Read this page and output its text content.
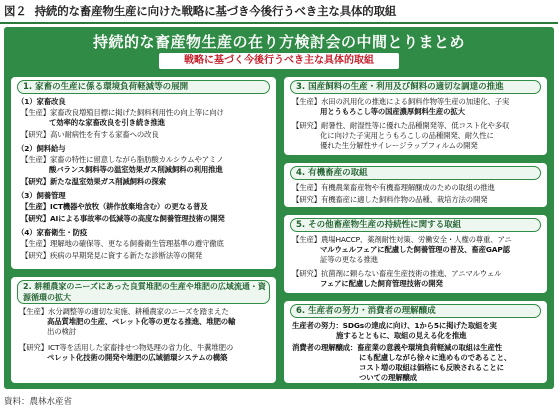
図２ 持続的な畜産物生産に向けた戦略に基づき今後行うべき主な具体的取組
持続的な畜産物生産の在り方検討会の中間とりまとめ
戦略に基づく今後行うべき主な具体的取組
1. 家畜の生産に係る環境負荷軽減等の展開
（1）家畜改良
【生産】家畜改良増殖目標に掲げた飼料利用性の向上等に向け
て効率的な家畜改良を引き続き推進
【研究】高い耐病性を有する家畜への改良
（2）飼料給与
【生産】家畜の特性に留意しながら脂肪酸カルシウムやアミノ
酸バランス飼料等の温室効果ガス削減飼料の利用推進
【研究】新たな温室効果ガス削減飼料の探索
（3）飼養管理
【生産】ICT機器や放牧（耕作放棄地含む）の更なる普及
【研究】AIによる事故率の低減等の高度な飼養管理技術の開発
（4）家畜衛生・防疫
【生産】理解地の確保等、更なる飼養衛生管理基準の遵守徹底
【研究】疾病の早期発見に資する新たな診断法等の開発
2. 耕種農家のニーズにあった良質堆肥の生産や堆肥の広域流通・資源循環の拡大
【生産】水分調整等の適切な実施、耕種農家のニーズを踏まえた
高品質堆肥の生産、ペレット化等の更なる推進、堆肥の輸
出の検討
【研究】ICT等を活用した家畜排せつ物処理の省力化、牛糞堆肥の
ペレット化技術の開発や堆肥の広域循環システムの構築
3. 国産飼料の生産・利用及び飼料の適切な調達の推進
【生産】水田の汎用化の推進による飼料作物等生産の加速化、子実
用とうもろこし等の国産濃厚飼料生産の拡大
【研究】耐暑性、耐湿性等に優れた品種開発等、低コスト化や多収
化に向けた子実用とうもろこしの品種開発、耐久性に
優れた生分解性サイレージラップフィルムの開発
4. 有機畜産の取組
【生産】有機農業畜産物や有機畜理解醸成のための取組の推進
【研究】有機畜産に適した飼料作物の品種、栽培方法の開発
5. その他畜産物生産の持続性に関する取組
【生産】農場HACCP、薬剤耐性対策、労働安全・人権の尊重、アニ
マルウェルフェアに配慮した飼養管理の普及、畜産GAP認
証等の更なる推進
【研究】抗菌剤に頼らない畜産生産技術の推進、アニマルウェル
フェアに配慮した飼育管理技術の開発
6. 生産者の努力・消費者の理解醸成
生産者の努力：SDGsの達成に向け、1から5に掲げた取組を実
施するとともに、取組の見える化を推進
消費者の理解醸成：畜産業の意義や環境負荷軽減の取組は生産性
にも配慮しながら徐々に進めものであること、
コスト増の取組は価格にも反映されることに
ついての理解醸成
資料：農林水産省
